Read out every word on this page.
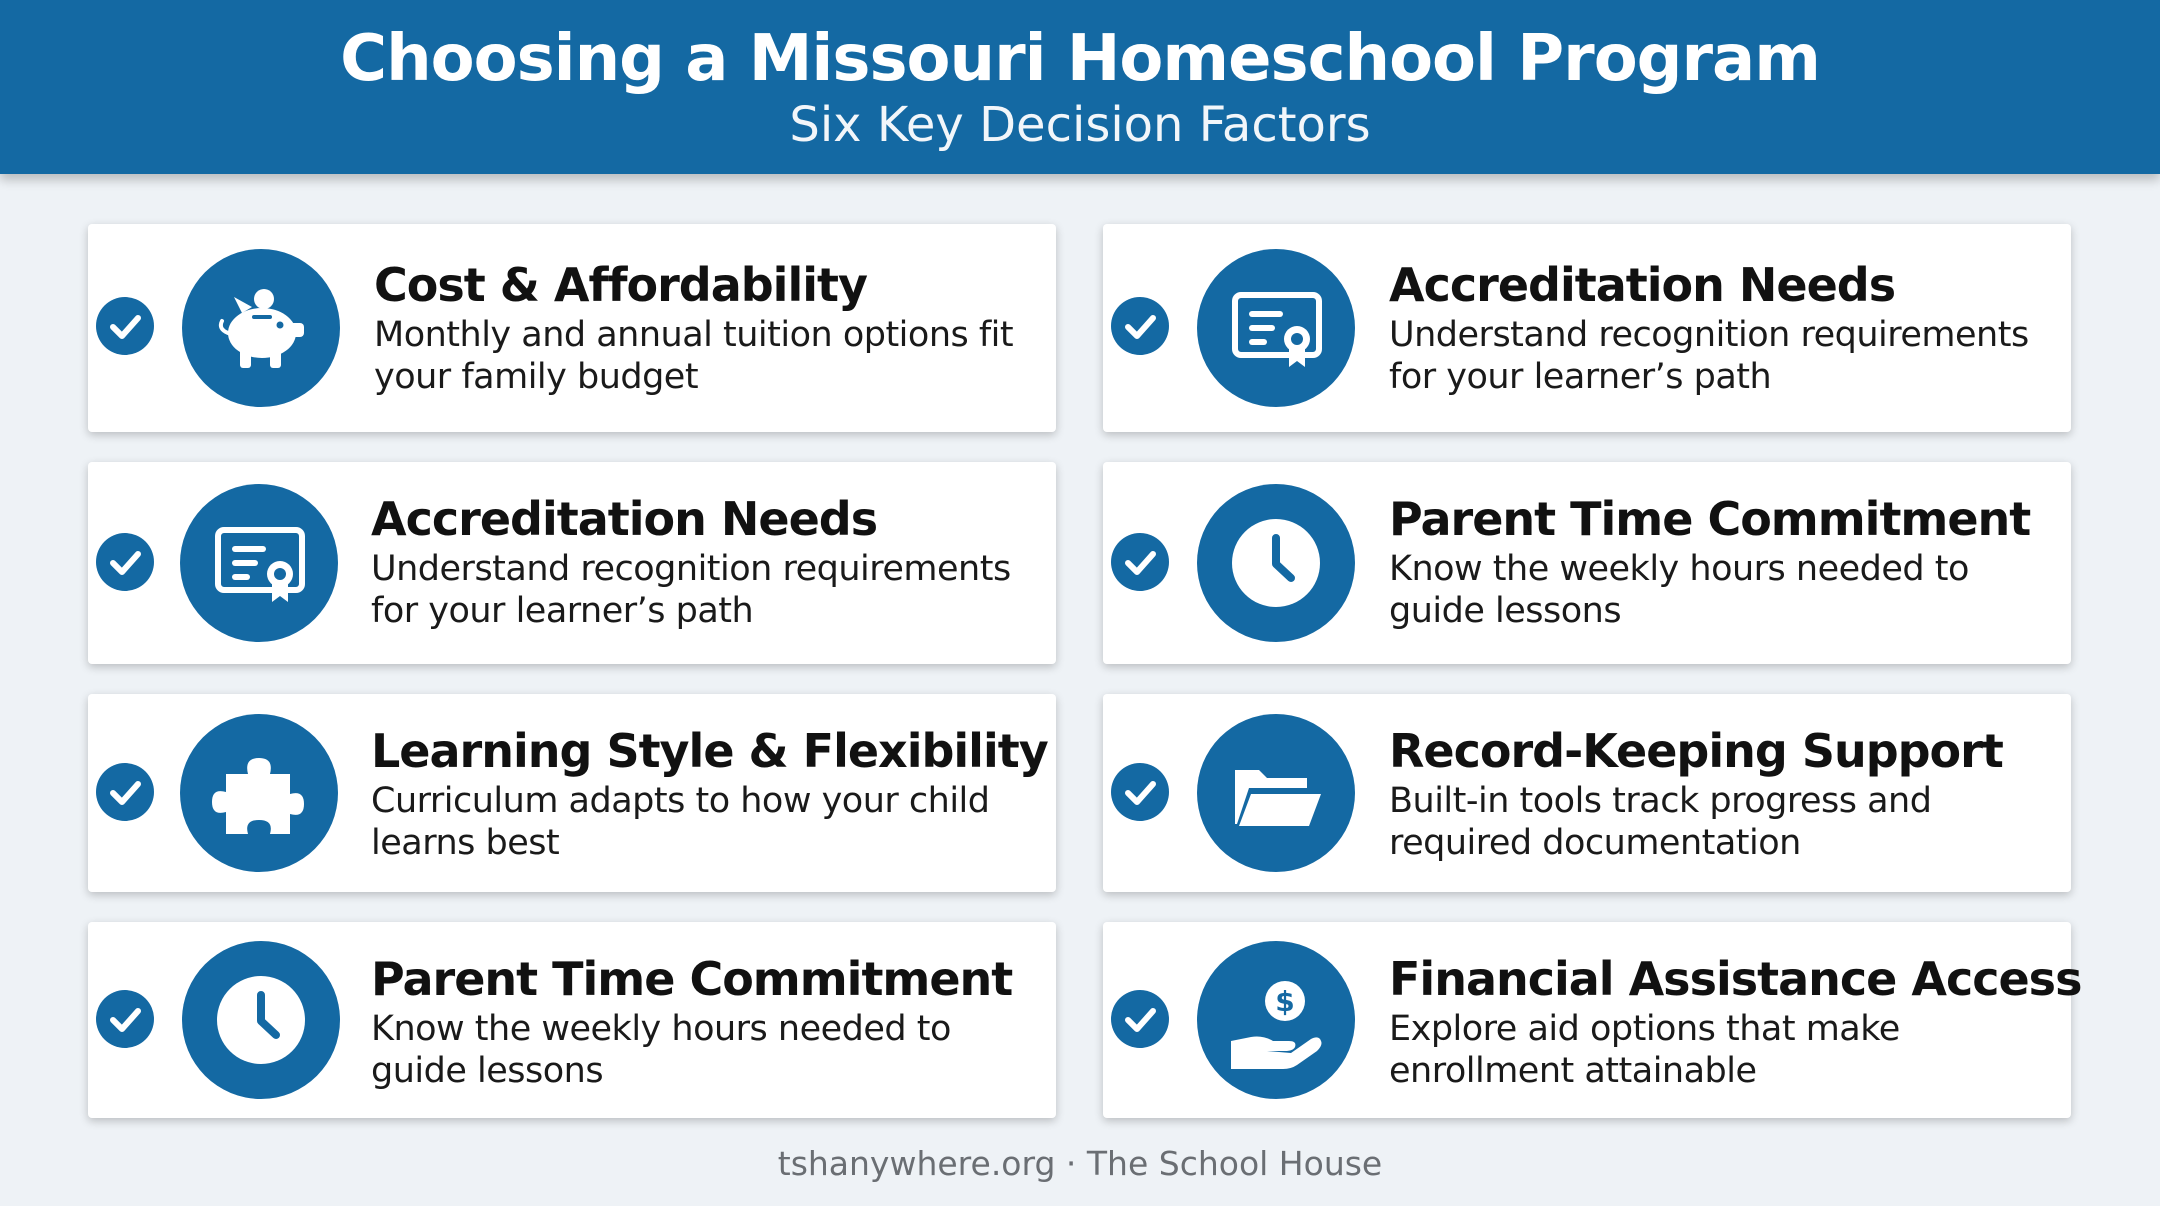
Choosing a Missouri Homeschool Program
Six Key Decision Factors
Cost & Affordability
Monthly and annual tuition options fit
your family budget
Accreditation Needs
Understand recognition requirements
for your learner’s path
Accreditation Needs
Understand recognition requirements
for your learner’s path
Parent Time Commitment
Know the weekly hours needed to
guide lessons
Learning Style & Flexibility
Curriculum adapts to how your child
learns best
Record-Keeping Support
Built-in tools track progress and
required documentation
Parent Time Commitment
Know the weekly hours needed to
guide lessons
$ Financial Assistance Access
Explore aid options that make
enrollment attainable
tshanywhere.org · The School House
